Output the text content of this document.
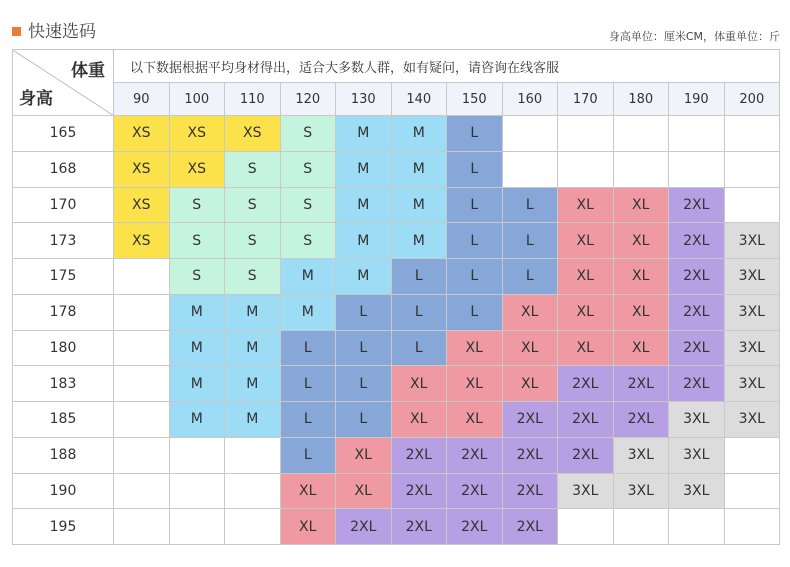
快速选码	身高单位：厘米CM，体重单位：斤
体重
身高	以下数据根据平均身材得出，适合大多数人群，如有疑问，请咨询在线客服											
	90	100	110	120	130	140	150	160	170	180	190	200
165	XS	XS	XS	S	M	M	L					
168	XS	XS	S	S	M	M	L					
170	XS	S	S	S	M	M	L	L	XL	XL	2XL	
173	XS	S	S	S	M	M	L	L	XL	XL	2XL	3XL
175		S	S	M	M	L	L	L	XL	XL	2XL	3XL
178		M	M	M	L	L	L	XL	XL	XL	2XL	3XL
180		M	M	L	L	L	XL	XL	XL	XL	2XL	3XL
183		M	M	L	L	XL	XL	XL	2XL	2XL	2XL	3XL
185		M	M	L	L	XL	XL	2XL	2XL	2XL	3XL	3XL
188				L	XL	2XL	2XL	2XL	2XL	3XL	3XL	
190				XL	XL	2XL	2XL	2XL	3XL	3XL	3XL	
195				XL	2XL	2XL	2XL	2XL				
